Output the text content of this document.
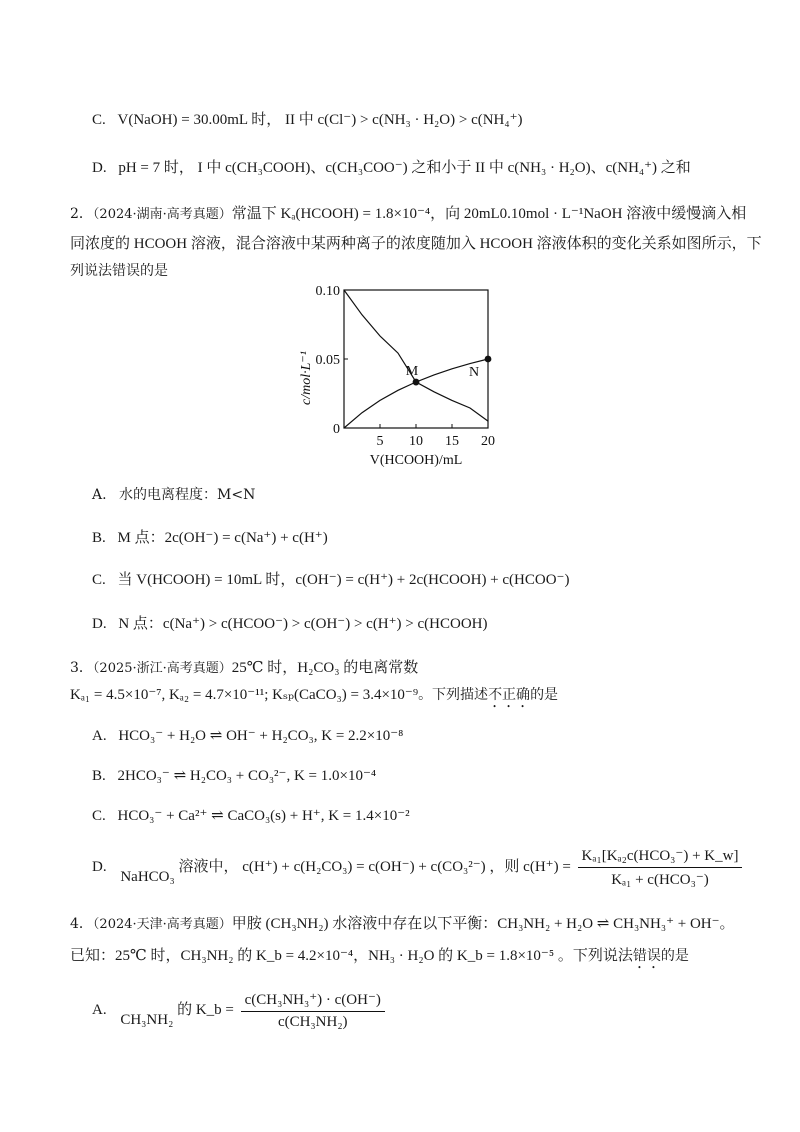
C. V(NaOH) = 30.00mL 时， II 中 c(Cl⁻) > c(NH₃ · H₂O) > c(NH₄⁺)
D. pH = 7 时， I 中 c(CH₃COOH)、c(CH₃COO⁻) 之和小于 II 中 c(NH₃ · H₂O)、c(NH₄⁺) 之和
2．（2024·湖南·高考真题）常温下 Kₐ(HCOOH) = 1.8×10⁻⁴，向 20mL0.10mol · L⁻¹NaOH 溶液中缓慢滴入相
同浓度的 HCOOH 溶液，混合溶液中某两种离子的浓度随加入 HCOOH 溶液体积的变化关系如图所示，下
列说法错误的是
5 10 15 20
0
0.05
0.10
M	N
c/mol·L⁻¹
V(HCOOH)/mL
A. 水的电离程度：M<N
B. M 点：2c(OH⁻) = c(Na⁺) + c(H⁺)
C. 当 V(HCOOH) = 10mL 时，c(OH⁻) = c(H⁺) + 2c(HCOOH) + c(HCOO⁻)
D. N 点：c(Na⁺) > c(HCOO⁻) > c(OH⁻) > c(H⁺) > c(HCOOH)
3．（2025·浙江·高考真题）25℃ 时，H₂CO₃ 的电离常数
Kₐ₁ = 4.5×10⁻⁷, Kₐ₂ = 4.7×10⁻¹¹; Kₛₚ(CaCO₃) = 3.4×10⁻⁹。下列描述不正确的是
A. HCO₃⁻ + H₂O ⇌ OH⁻ + H₂CO₃, K = 2.2×10⁻⁸
B. 2HCO₃⁻ ⇌ H₂CO₃ + CO₃²⁻, K = 1.0×10⁻⁴
C. HCO₃⁻ + Ca²⁺ ⇌ CaCO₃(s) + H⁺, K = 1.4×10⁻²
D. NaHCO₃ 溶液中， c(H⁺) + c(H₂CO₃) = c(OH⁻) + c(CO₃²⁻) ，则 $c(H^+) = \frac{\text{Kₐ₁[Kₐ₂c(HCO₃⁻) + K\_w]}}{\text{Kₐ₁ + c(HCO₃⁻)}}$
4．（2024·天津·高考真题）甲胺 (CH₃NH₂) 水溶液中存在以下平衡：CH₃NH₂ + H₂O ⇌ CH₃NH₃⁺ + OH⁻。
已知：25℃ 时，CH₃NH₂ 的 K_b = 4.2×10⁻⁴，NH₃ · H₂O 的 K_b = 1.8×10⁻⁵ 。下列说法错误的是
A. CH₃NH₂ 的 K_b = $\frac{\text{c(CH₃NH₃⁺) · c(OH⁻)}}{\text{c(CH₃NH₂)}}$
